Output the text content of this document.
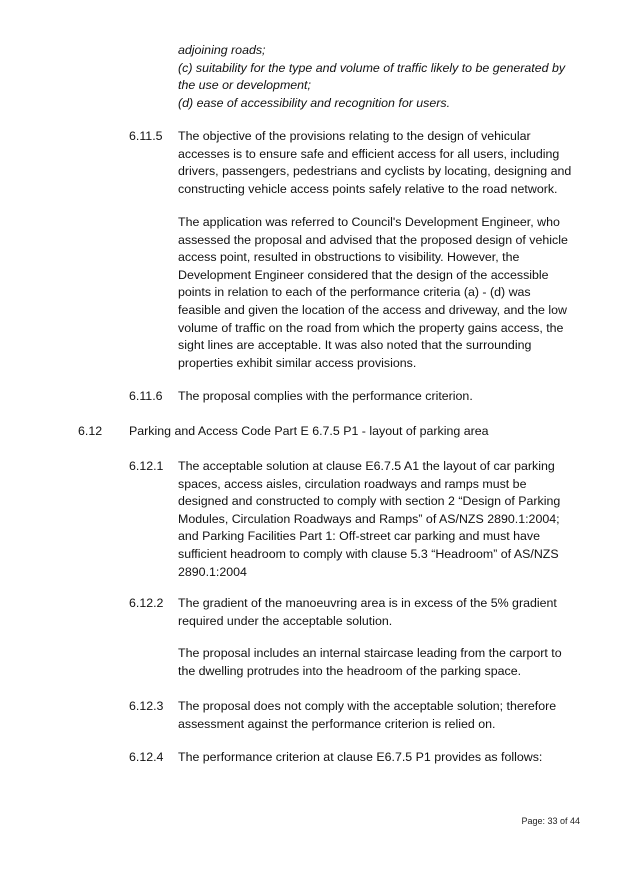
adjoining roads;
(c) suitability for the type and volume of traffic likely to be generated by
the use or development;
(d) ease of accessibility and recognition for users.
6.11.5 The objective of the provisions relating to the design of vehicular accesses is to ensure safe and efficient access for all users, including drivers, passengers, pedestrians and cyclists by locating, designing and constructing vehicle access points safely relative to the road network.

The application was referred to Council's Development Engineer, who assessed the proposal and advised that the proposed design of vehicle access point, resulted in obstructions to visibility. However, the Development Engineer considered that the design of the accessible points in relation to each of the performance criteria (a) - (d) was feasible and given the location of the access and driveway, and the low volume of traffic on the road from which the property gains access, the sight lines are acceptable. It was also noted that the surrounding properties exhibit similar access provisions.

6.11.6 The proposal complies with the performance criterion.

6.12 Parking and Access Code Part E 6.7.5 P1 - layout of parking area
6.12.1 The acceptable solution at clause E6.7.5 A1 the layout of car parking spaces, access aisles, circulation roadways and ramps must be designed and constructed to comply with section 2 “Design of Parking Modules, Circulation Roadways and Ramps” of AS/NZS 2890.1:2004; and Parking Facilities Part 1: Off-street car parking and must have sufficient headroom to comply with clause 5.3 “Headroom” of AS/NZS 2890.1:2004

6.12.2 The gradient of the manoeuvring area is in excess of the 5% gradient required under the acceptable solution.

The proposal includes an internal staircase leading from the carport to the dwelling protrudes into the headroom of the parking space.

6.12.3 The proposal does not comply with the acceptable solution; therefore assessment against the performance criterion is relied on.

6.12.4 The performance criterion at clause E6.7.5 P1 provides as follows:

Page: 33 of 44
